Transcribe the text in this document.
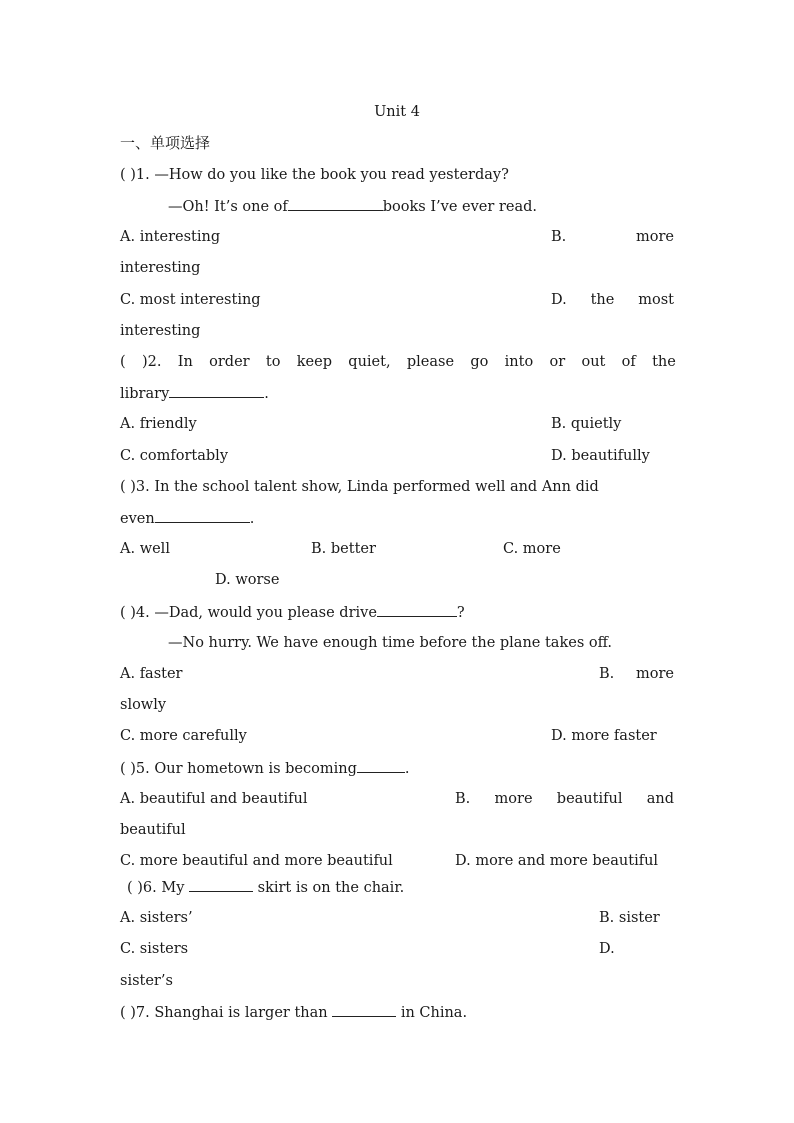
Unit 4
一、单项选择
( )1. —How do you like the book you read yesterday?
—Oh! It’s one of	books I’ve ever read.
A. interesting	B.	more
interesting
C. most interesting	D. the most
interesting
( )2. In order to keep quiet, please go into or out of the
library	.
A. friendly	B. quietly
C. comfortably	D. beautifully
( )3. In the school talent show, Linda performed well and Ann did
even	.
A. well	B. better	C. more
D. worse
( )4. —Dad, would you please drive	?
—No hurry. We have enough time before the plane takes off.
A. faster	B. more
slowly
C. more carefully	D. more faster
( )5. Our hometown is becoming	.
A. beautiful and beautiful	B. more beautiful and
beautiful
C. more beautiful and more beautiful	D. more and more beautiful
( )6. My	skirt is on the chair.
A. sisters’	B. sister
C. sisters	D.
sister’s
( )7. Shanghai is larger than	in China.
